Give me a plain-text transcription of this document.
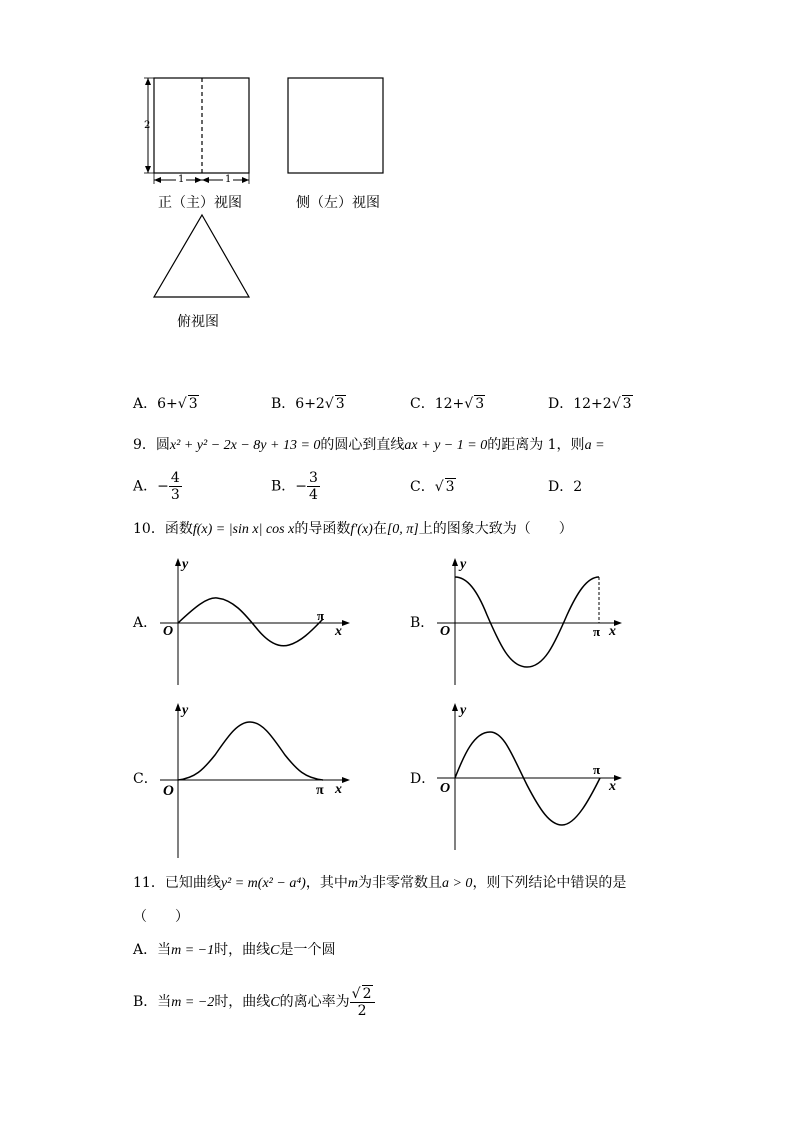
2
1	1
正（主）视图	侧（左）视图
俯视图
A．6+√ 3	B．6+2√ 3	C．12+√ 3	D．12+2√ 3
9．圆x² + y² − 2x − 8y + 13 = 0的圆心到直线ax + y − 1 = 0的距离为 1，则a =
A．− $\frac{4}{3}$	B．− $\frac{3}{4}$	C．√ 3	D．2
10．函数f(x) = |sin x| cos x的导函数f′(x)在[0, π]上的图象大致为（　　）
A．
y
x
O
π	B．
y
x
O	π
C．
y
x
O	π
D．
y
x
O
π
11．已知曲线y² = m(x² − a⁴)，其中m为非零常数且a > 0，则下列结论中错误的是
（　　）
A．当m = −1时，曲线C是一个圆
B．当m = −2时，曲线C的离心率为 $\frac{√ 2}{2}$
